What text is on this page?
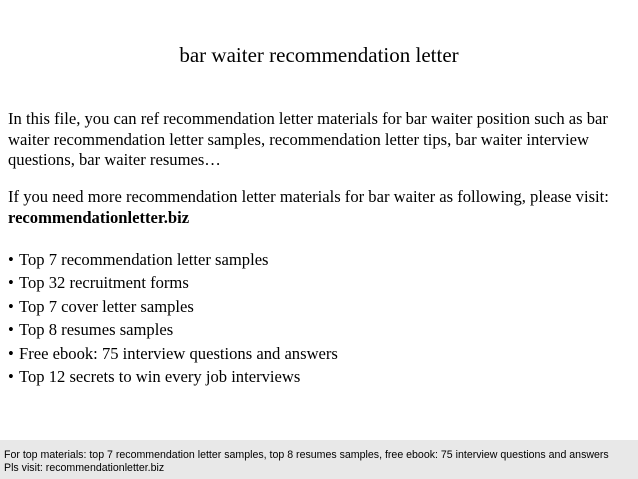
bar waiter recommendation letter
In this file, you can ref recommendation letter materials for bar waiter position such as bar waiter recommendation letter samples, recommendation letter tips, bar waiter interview questions, bar waiter resumes…
If you need more recommendation letter materials for bar waiter as following, please visit: recommendationletter.biz
• Top 7 recommendation letter samples
• Top 32 recruitment forms
• Top 7 cover letter samples
• Top 8 resumes samples
• Free ebook: 75 interview questions and answers
• Top 12 secrets to win every job interviews
For top materials: top 7 recommendation letter samples, top 8 resumes samples, free ebook: 75 interview questions and answers
Pls visit: recommendationletter.biz
